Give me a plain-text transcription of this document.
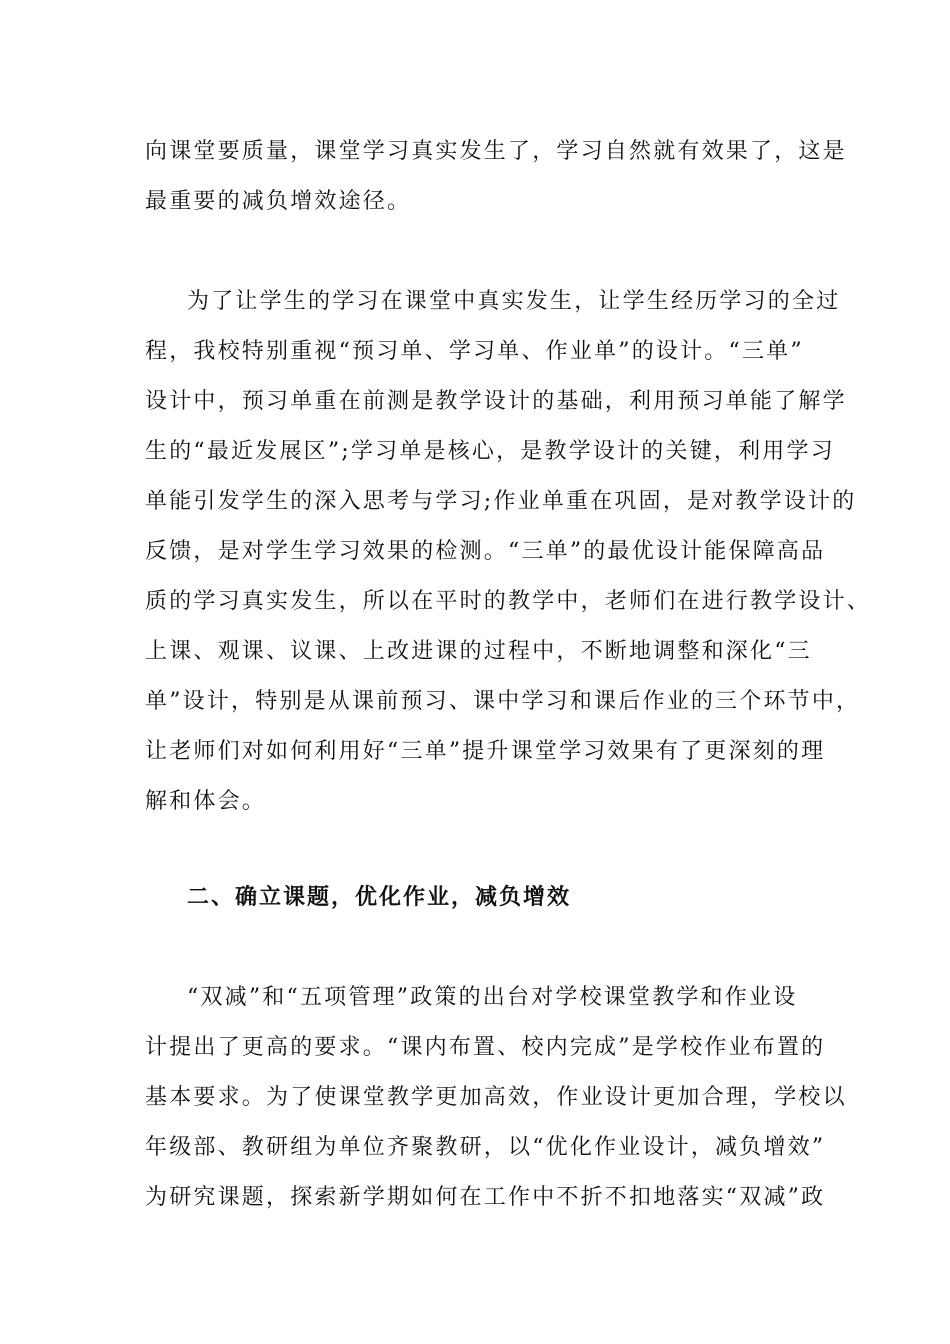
向课堂要质量，课堂学习真实发生了，学习自然就有效果了，这是
最重要的减负增效途径。
为了让学生的学习在课堂中真实发生，让学生经历学习的全过
程，我校特别重视“预习单、学习单、作业单”的设计。“三单”
设计中，预习单重在前测是教学设计的基础，利用预习单能了解学
生的“最近发展区”;学习单是核心，是教学设计的关键，利用学习
单能引发学生的深入思考与学习;作业单重在巩固，是对教学设计的
反馈，是对学生学习效果的检测。“三单”的最优设计能保障高品
质的学习真实发生，所以在平时的教学中，老师们在进行教学设计、
上课、观课、议课、上改进课的过程中，不断地调整和深化“三
单”设计，特别是从课前预习、课中学习和课后作业的三个环节中，
让老师们对如何利用好“三单”提升课堂学习效果有了更深刻的理
解和体会。
二、确立课题，优化作业，减负增效
“双减”和“五项管理”政策的出台对学校课堂教学和作业设
计提出了更高的要求。“课内布置、校内完成”是学校作业布置的
基本要求。为了使课堂教学更加高效，作业设计更加合理，学校以
年级部、教研组为单位齐聚教研，以“优化作业设计，减负增效”
为研究课题，探索新学期如何在工作中不折不扣地落实“双减”政
